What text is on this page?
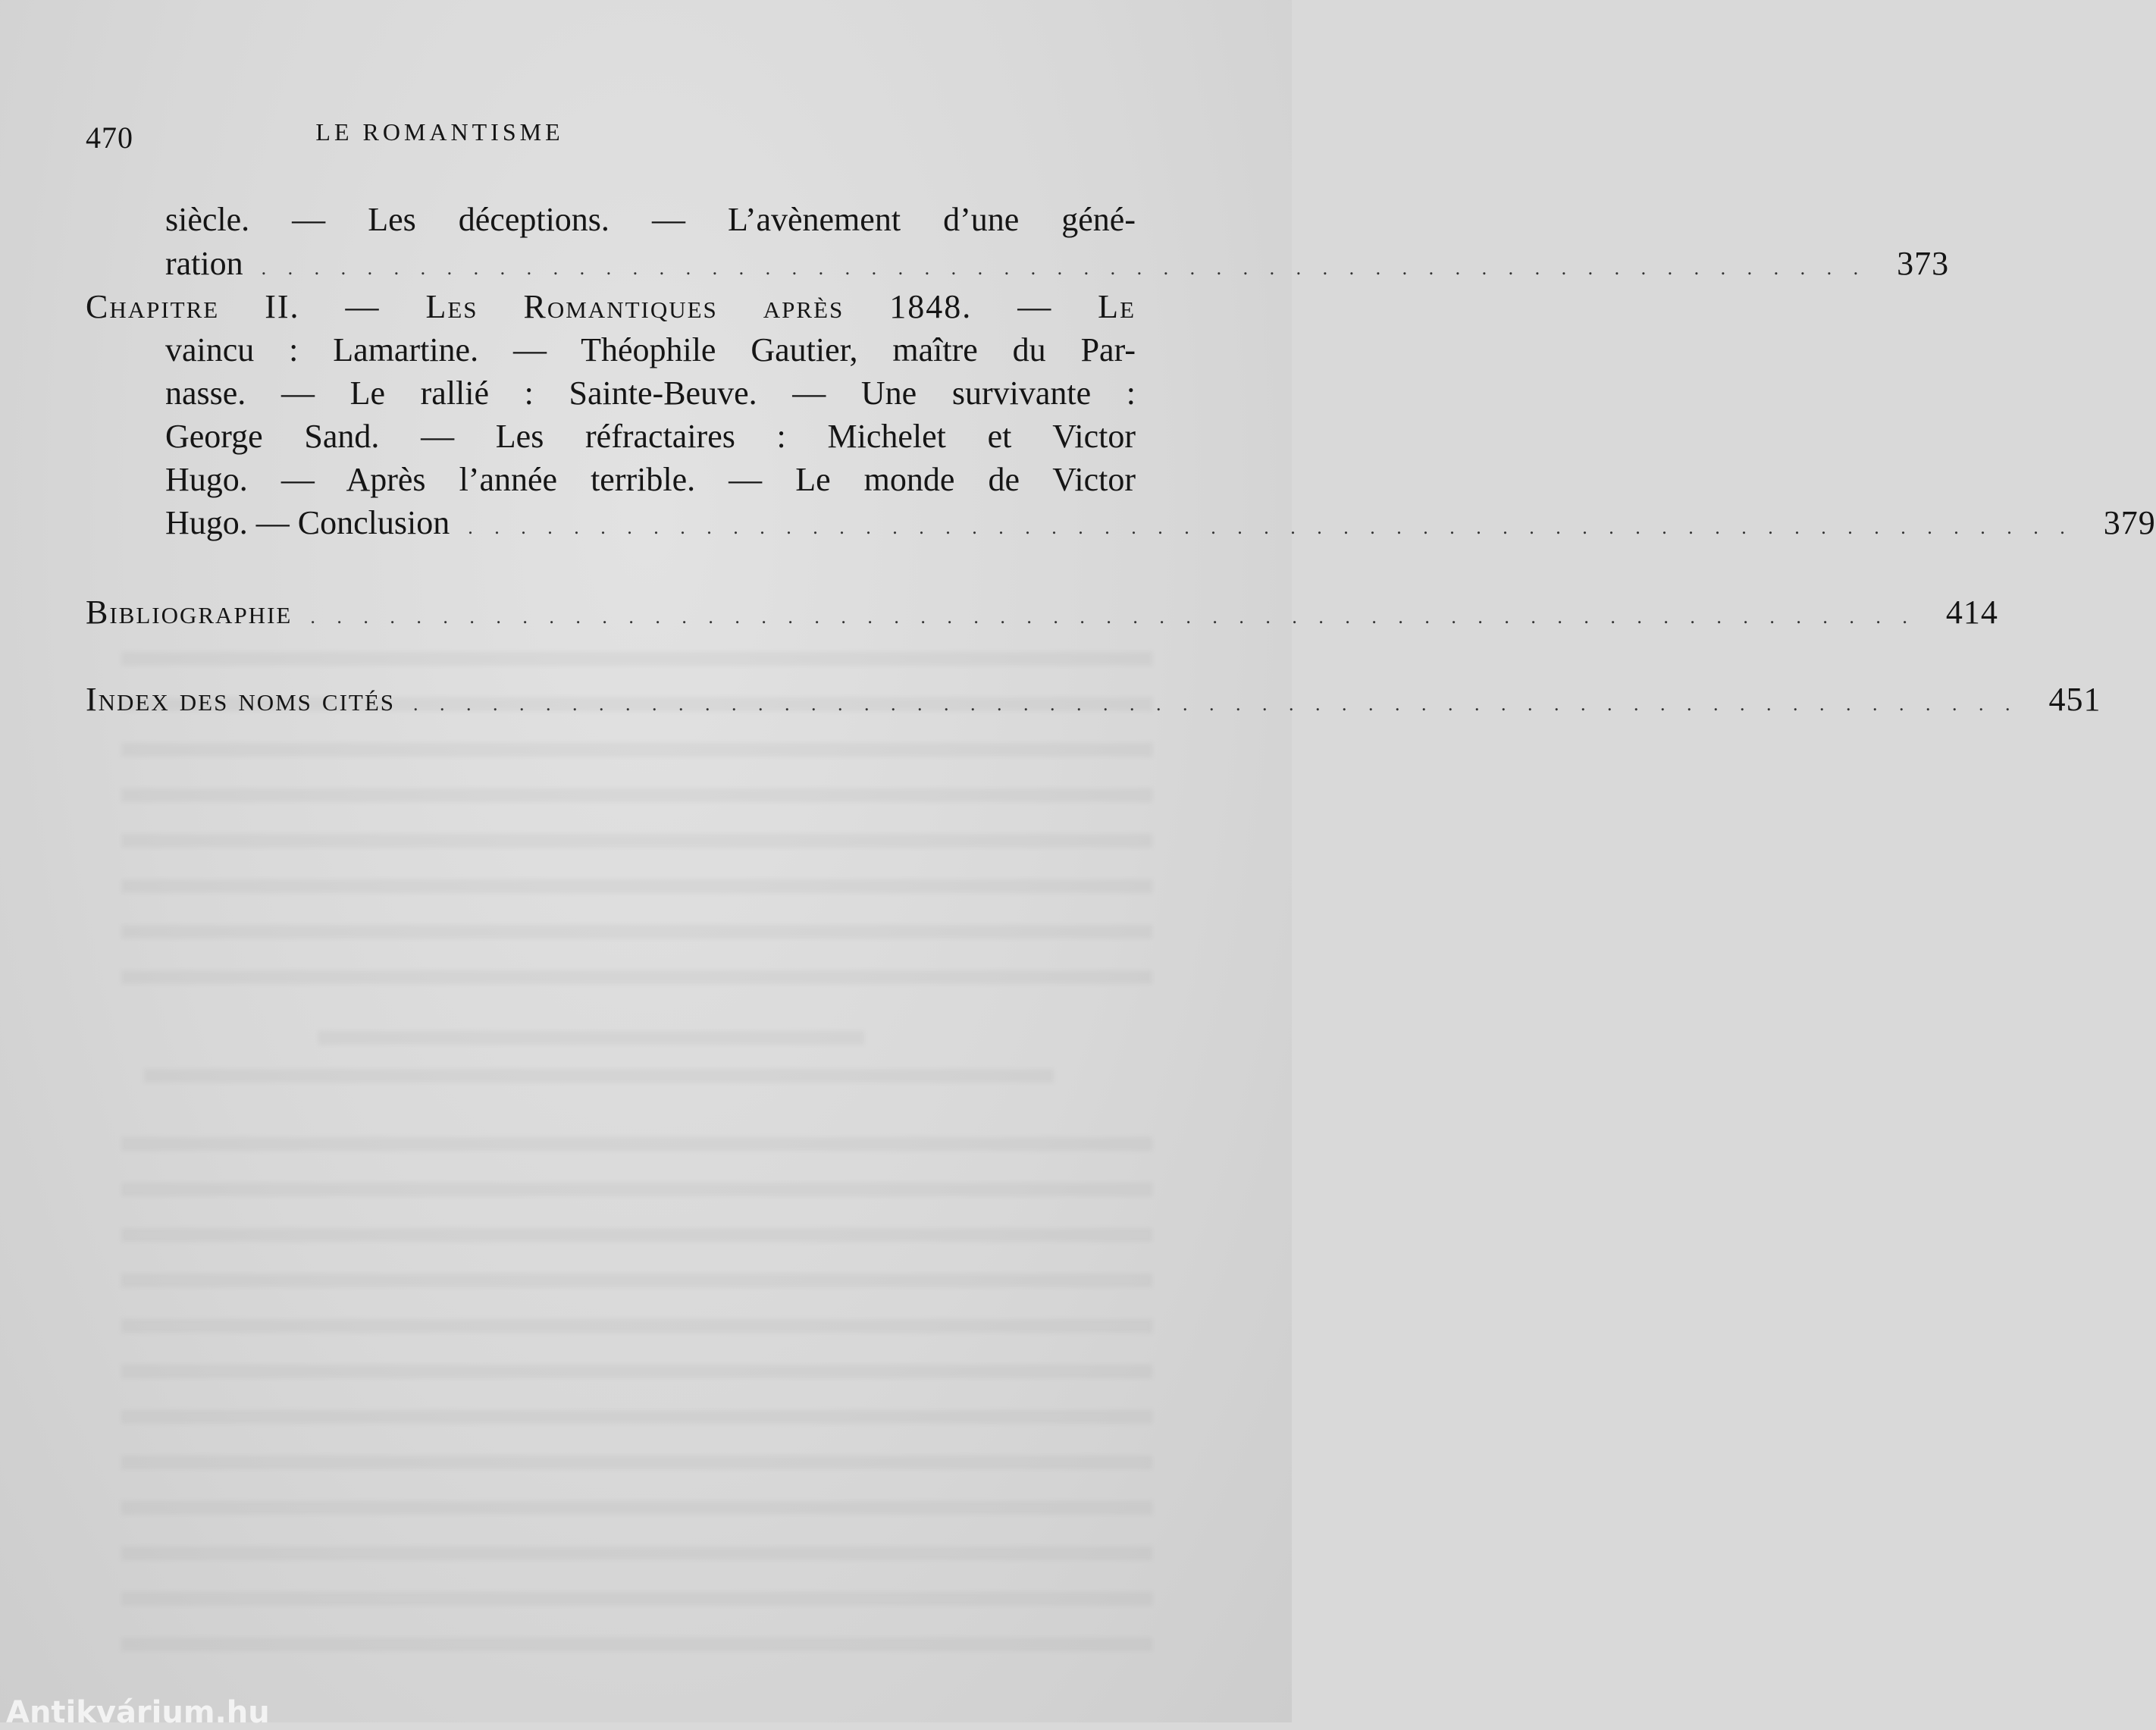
470	LE ROMANTISME
siècle. — Les déceptions. — L’avènement d’une géné-
ration . . . . . . . . . . . . . . . . . . . . . . . . . . . . . . . . . . . . . . . . . . . . . . . . . . . . . . . . . . . . . 373
Chapitre II. — Les Romantiques après 1848. — Le
vaincu : Lamartine. — Théophile Gautier, maître du Par-
nasse. — Le rallié : Sainte-Beuve. — Une survivante :
George Sand. — Les réfractaires : Michelet et Victor
Hugo. — Après l’année terrible. — Le monde de Victor
Hugo. — Conclusion . . . . . . . . . . . . . . . . . . . . . . . . . . . . . . . . . . . . . . . . . . . . . . . . . . . . . . . . . . . . . 379
Bibliographie . . . . . . . . . . . . . . . . . . . . . . . . . . . . . . . . . . . . . . . . . . . . . . . . . . . . . . . . . . . . . 414
Index des noms cités . . . . . . . . . . . . . . . . . . . . . . . . . . . . . . . . . . . . . . . . . . . . . . . . . . . . . . . . . . . . . 451
Antikvárium.hu
